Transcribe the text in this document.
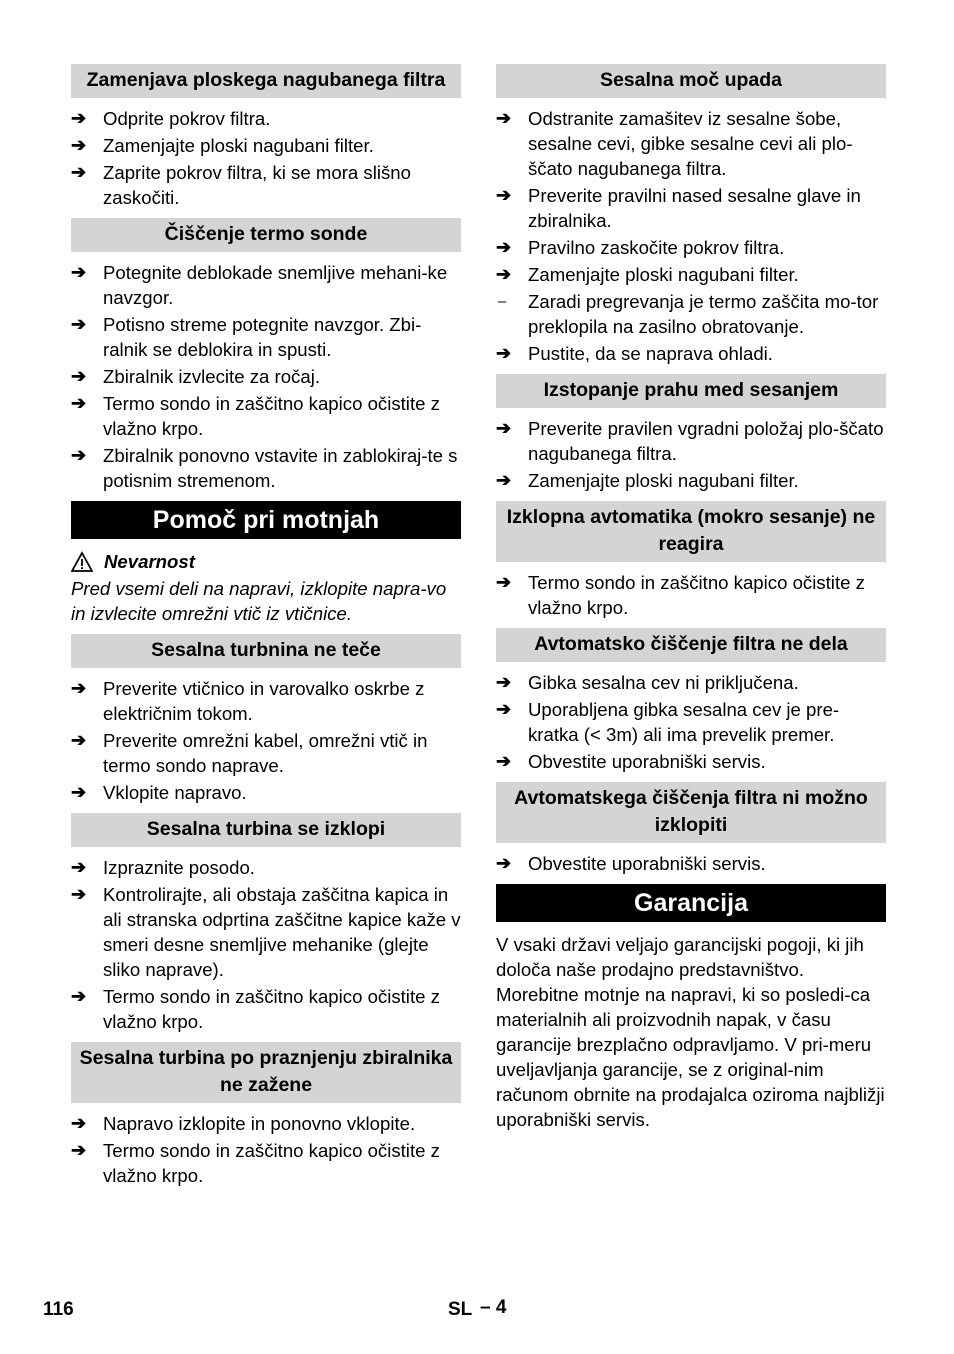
Zamenjava ploskega nagubanega filtra
➔ Odprite pokrov filtra.
➔ Zamenjajte ploski nagubani filter.
➔ Zaprite pokrov filtra, ki se mora slišno zaskočiti.
Čiščenje termo sonde
➔ Potegnite deblokade snemljive mehani-ke navzgor.
➔ Potisno streme potegnite navzgor. Zbi-ralnik se deblokira in spusti.
➔ Zbiralnik izvlecite za ročaj.
➔ Termo sondo in zaščitno kapico očistite z vlažno krpo.
➔ Zbiralnik ponovno vstavite in zablokiraj-te s potisnim stremenom.
Pomoč pri motnjah
Nevarnost
Pred vsemi deli na napravi, izklopite napra-vo in izvlecite omrežni vtič iz vtičnice.
Sesalna turbnina ne teče
➔ Preverite vtičnico in varovalko oskrbe z električnim tokom.
➔ Preverite omrežni kabel, omrežni vtič in termo sondo naprave.
➔ Vklopite napravo.
Sesalna turbina se izklopi
➔ Izpraznite posodo.
➔ Kontrolirajte, ali obstaja zaščitna kapica in ali stranska odprtina zaščitne kapice kaže v smeri desne snemljive mehanike (glejte sliko naprave).
➔ Termo sondo in zaščitno kapico očistite z vlažno krpo.
Sesalna turbina po praznjenju zbiralnika ne zažene
➔ Napravo izklopite in ponovno vklopite.
➔ Termo sondo in zaščitno kapico očistite z vlažno krpo.
Sesalna moč upada
➔ Odstranite zamašitev iz sesalne šobe, sesalne cevi, gibke sesalne cevi ali plo-ščato nagubanega filtra.
➔ Preverite pravilni nased sesalne glave in zbiralnika.
➔ Pravilno zaskočite pokrov filtra.
➔ Zamenjajte ploski nagubani filter.
–	Zaradi pregrevanja je termo zaščita mo-tor preklopila na zasilno obratovanje.
➔ Pustite, da se naprava ohladi.
Izstopanje prahu med sesanjem
➔ Preverite pravilen vgradni položaj plo-ščato nagubanega filtra.
➔ Zamenjajte ploski nagubani filter.
Izklopna avtomatika (mokro sesanje) ne reagira
➔ Termo sondo in zaščitno kapico očistite z vlažno krpo.
Avtomatsko čiščenje filtra ne dela
➔ Gibka sesalna cev ni priključena.
➔ Uporabljena gibka sesalna cev je pre-kratka (< 3m) ali ima prevelik premer.
➔ Obvestite uporabniški servis.
Avtomatskega čiščenja filtra ni možno izklopiti
➔ Obvestite uporabniški servis.
Garancija
V vsaki državi veljajo garancijski pogoji, ki jih določa naše prodajno predstavništvo. Morebitne motnje na napravi, ki so posledi-ca materialnih ali proizvodnih napak, v času garancije brezplačno odpravljamo. V pri-meru uveljavljanja garancije, se z original-nim računom obrnite na prodajalca oziroma najbližji uporabniški servis.
116	SL – 4
